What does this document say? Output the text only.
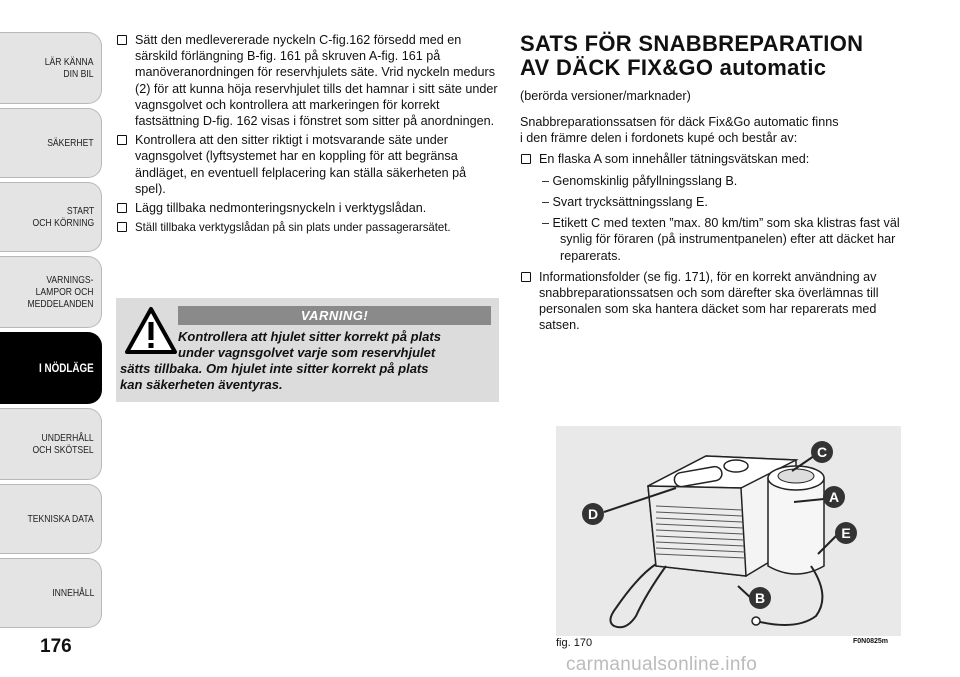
LÄR KÄNNA
DIN BIL
SÄKERHET
START
OCH KÖRNING
VARNINGS-
LAMPOR OCH
MEDDELANDEN
I NÖDLÄGE
UNDERHÅLL
OCH SKÖTSEL
TEKNISKA DATA
INNEHÅLL
176
Sätt den medlevererade nyckeln C-fig.162 försedd med en särskild förlängning B-fig. 161 på skruven A-fig. 161 på manöveranordningen för reservhjulets säte. Vrid nyckeln medurs (2) för att kunna höja reservhjulet tills det hamnar i sitt säte under vagnsgolvet och kontrollera att markeringen för korrekt fastsättning D-fig. 162 visas i fönstret som sitter på anordningen.
Kontrollera att den sitter riktigt i motsvarande säte under vagnsgolvet (lyftsystemet har en koppling för att begränsa ändläget, en eventuell felplacering kan ställa säkerheten på spel).
Lägg tillbaka nedmonteringsnyckeln i verktygslådan.
Ställ tillbaka verktygslådan på sin plats under passagerarsätet.
VARNING!
Kontrollera att hjulet sitter korrekt på plats
under vagnsgolvet varje som reservhjulet
sätts tillbaka. Om hjulet inte sitter korrekt på plats
kan säkerheten äventyras.
SATS FÖR SNABBREPARATION
AV DÄCK FIX&GO automatic
(berörda versioner/marknader)
Snabbreparationssatsen för däck Fix&Go automatic finns
i den främre delen i fordonets kupé och består av:
En flaska A som innehåller tätningsvätskan med:
– Genomskinlig påfyllningsslang B.
– Svart trycksättningsslang E.
– Etikett C med texten ”max. 80 km/tim” som ska klistras fast väl synlig för föraren (på instrumentpanelen) efter att däcket har reparerats.
Informationsfolder (se fig. 171), för en korrekt användning av snabbreparationssatsen och som därefter ska överlämnas till personalen som ska hantera däcket som har reparerats med satsen.
C
A
D
E
B
fig. 170	F0N0825m
carmanualsonline.info
